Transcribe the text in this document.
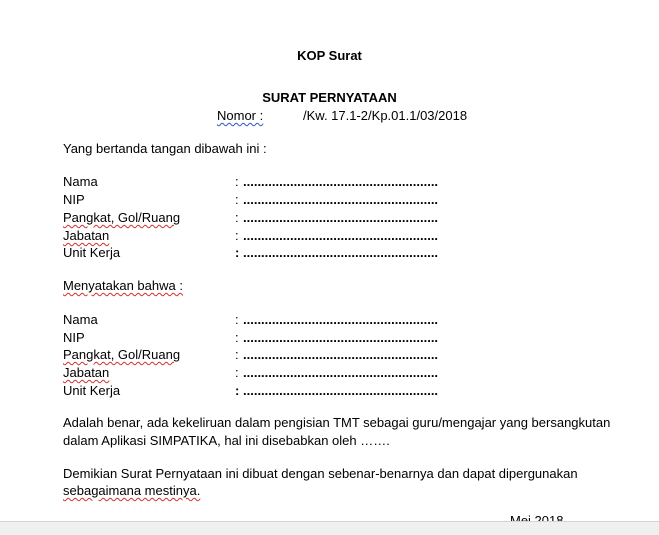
KOP Surat
SURAT PERNYATAAN
Nomor :	/Kw. 17.1-2/Kp.01.1/03/2018
Yang bertanda tangan dibawah ini :
Nama	: ......................................................
NIP	: ......................................................
Pangkat, Gol/Ruang	: ......................................................
Jabatan	: ......................................................
Unit Kerja	: ......................................................
Menyatakan bahwa :
Nama	: ......................................................
NIP	: ......................................................
Pangkat, Gol/Ruang	: ......................................................
Jabatan	: ......................................................
Unit Kerja	: ......................................................
Adalah benar, ada kekeliruan dalam pengisian TMT sebagai guru/mengajar yang bersangkutan
dalam Aplikasi SIMPATIKA, hal ini disebabkan oleh …….
Demikian Surat Pernyataan ini dibuat dengan sebenar-benarnya dan dapat dipergunakan
sebagaimana mestinya.
